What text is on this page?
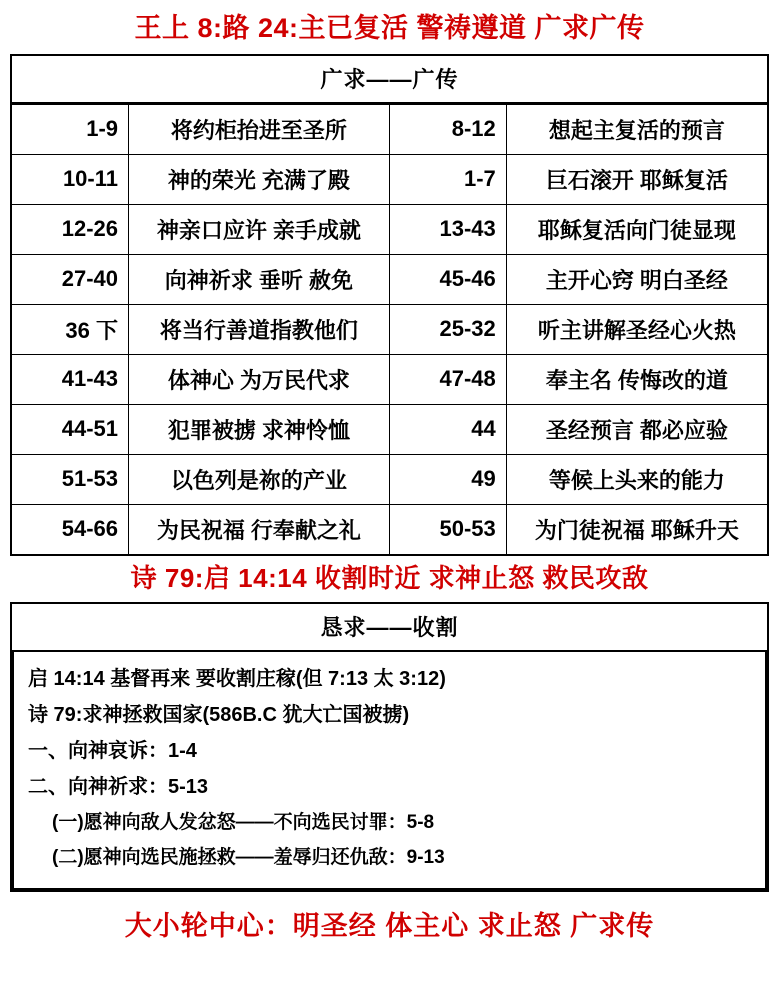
王上 8:路 24:主已复活 警祷遵道 广求广传
广求——广传
1-9	将约柜抬进至圣所	8-12	想起主复活的预言
10-11	神的荣光 充满了殿	1-7	巨石滚开 耶稣复活
12-26	神亲口应许 亲手成就	13-43	耶稣复活向门徒显现
27-40	向神祈求 垂听 赦免	45-46	主开心窍 明白圣经
36 下	将当行善道指教他们	25-32	听主讲解圣经心火热
41-43	体神心 为万民代求	47-48	奉主名 传悔改的道
44-51	犯罪被掳 求神怜恤	44	圣经预言 都必应验
51-53	以色列是祢的产业	49	等候上头来的能力
54-66	为民祝福 行奉献之礼	50-53	为门徒祝福 耶稣升天
诗 79:启 14:14 收割时近 求神止怒 救民攻敌
恳求——收割
启 14:14 基督再来 要收割庄稼(但 7:13 太 3:12)
诗 79:求神拯救国家(586B.C 犹大亡国被掳)
一、向神哀诉：1-4
二、向神祈求：5-13
(一)愿神向敌人发忿怒——不向选民讨罪：5-8
(二)愿神向选民施拯救——羞辱归还仇敌：9-13
大小轮中心：明圣经 体主心 求止怒 广求传
